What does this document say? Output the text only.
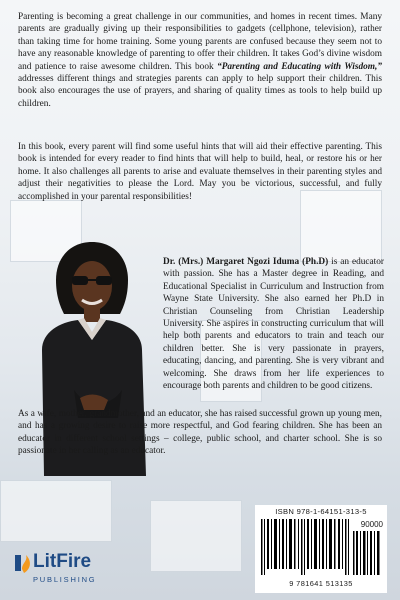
Parenting is becoming a great challenge in our communities, and homes in recent times. Many parents are gradually giving up their responsibilities to gadgets (cellphone, television), rather than taking time for home training. Some young parents are confused because they seem not to have any reasonable knowledge of parenting to offer their children. It takes God’s divine wisdom and patience to raise awesome children. This book “Parenting and Educating with Wisdom,” addresses different things and strategies parents can apply to help support their children. This book also encourages the use of prayers, and sharing of quality times as tools to help build up children.

In this book, every parent will find some useful hints that will aid their effective parenting. This book is intended for every reader to find hints that will help to build, heal, or restore his or her home. It also challenges all parents to arise and evaluate themselves in their parenting styles and adjust their negativities to please the Lord. May you be victorious, successful, and fully accomplished in your parental responsibilities!

Dr. (Mrs.) Margaret Ngozi Iduma (Ph.D) is an educator with passion. She has a Master degree in Reading, and Educational Specialist in Curriculum and Instruction from Wayne State University. She also earned her Ph.D in Christian Counseling from Christian Leadership University. She aspires in constructing curriculum that will help both parents and educators to train and teach our children better. She is very passionate in prayers, educating, dancing, and parenting. She is very vibrant and welcoming. She draws from her life experiences to encourage both parents and children to be good citizens.

As a wife, mother, grandmother, and an educator, she has raised successful grown up young men, and has a growing desire to raise more respectful, and God fearing children. She has been an educator in different school settings – college, public school, and charter school. She is so passionate in her calling as an educator.

LitFire
PUBLISHING
ISBN 978-1-64151-313-5
90000
9 781641 513135
